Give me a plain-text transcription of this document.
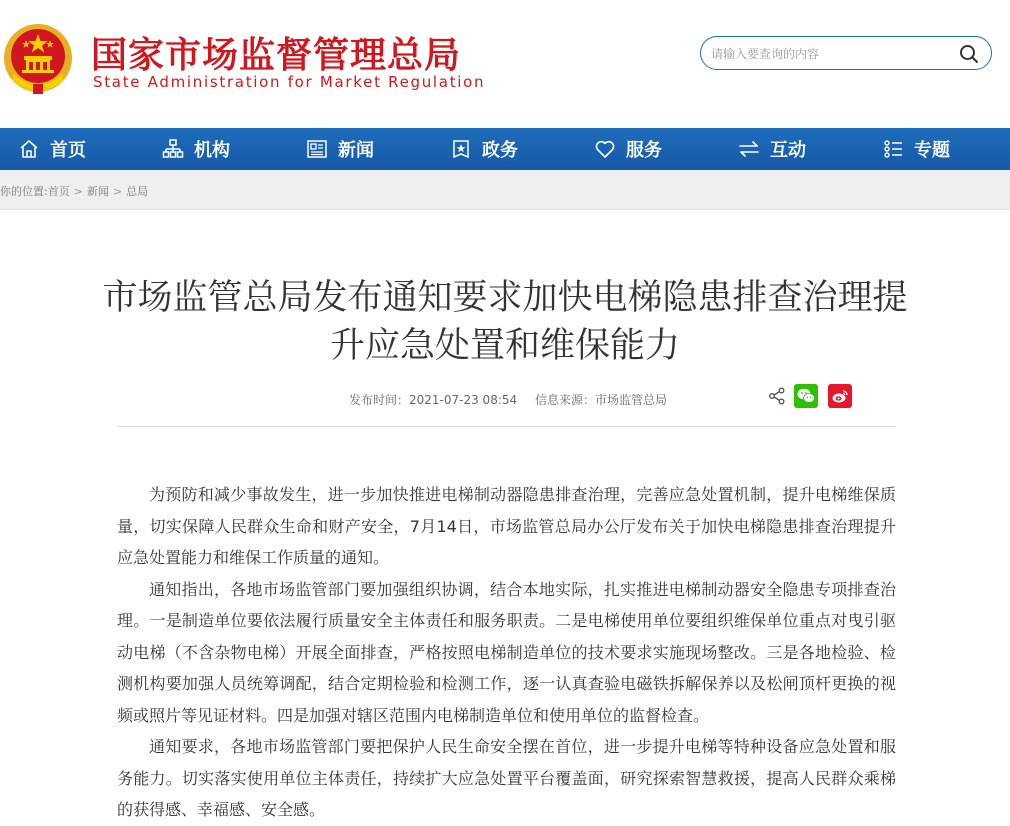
国家市场监督管理总局
State Administration for Market Regulation
请输入要查询的内容
首页	机构	新闻	政务	服务	互动	专题
你的位置:首页 > 新闻 > 总局
市场监管总局发布通知要求加快电梯隐患排查治理提升应急处置和维保能力
发布时间：2021-07-23 08:54 信息来源：市场监管总局

为预防和减少事故发生，进一步加快推进电梯制动器隐患排查治理，完善应急处置机制，提升电梯维保质量，切实保障人民群众生命和财产安全，7月14日，市场监管总局办公厅发布关于加快电梯隐患排查治理提升应急处置能力和维保工作质量的通知。

通知指出，各地市场监管部门要加强组织协调，结合本地实际，扎实推进电梯制动器安全隐患专项排查治理。一是制造单位要依法履行质量安全主体责任和服务职责。二是电梯使用单位要组织维保单位重点对曳引驱动电梯（不含杂物电梯）开展全面排查，严格按照电梯制造单位的技术要求实施现场整改。三是各地检验、检测机构要加强人员统筹调配，结合定期检验和检测工作，逐一认真查验电磁铁拆解保养以及松闸顶杆更换的视频或照片等见证材料。四是加强对辖区范围内电梯制造单位和使用单位的监督检查。

通知要求，各地市场监管部门要把保护人民生命安全摆在首位，进一步提升电梯等特种设备应急处置和服务能力。切实落实使用单位主体责任，持续扩大应急处置平台覆盖面，研究探索智慧救援，提高人民群众乘梯的获得感、幸福感、安全感。
